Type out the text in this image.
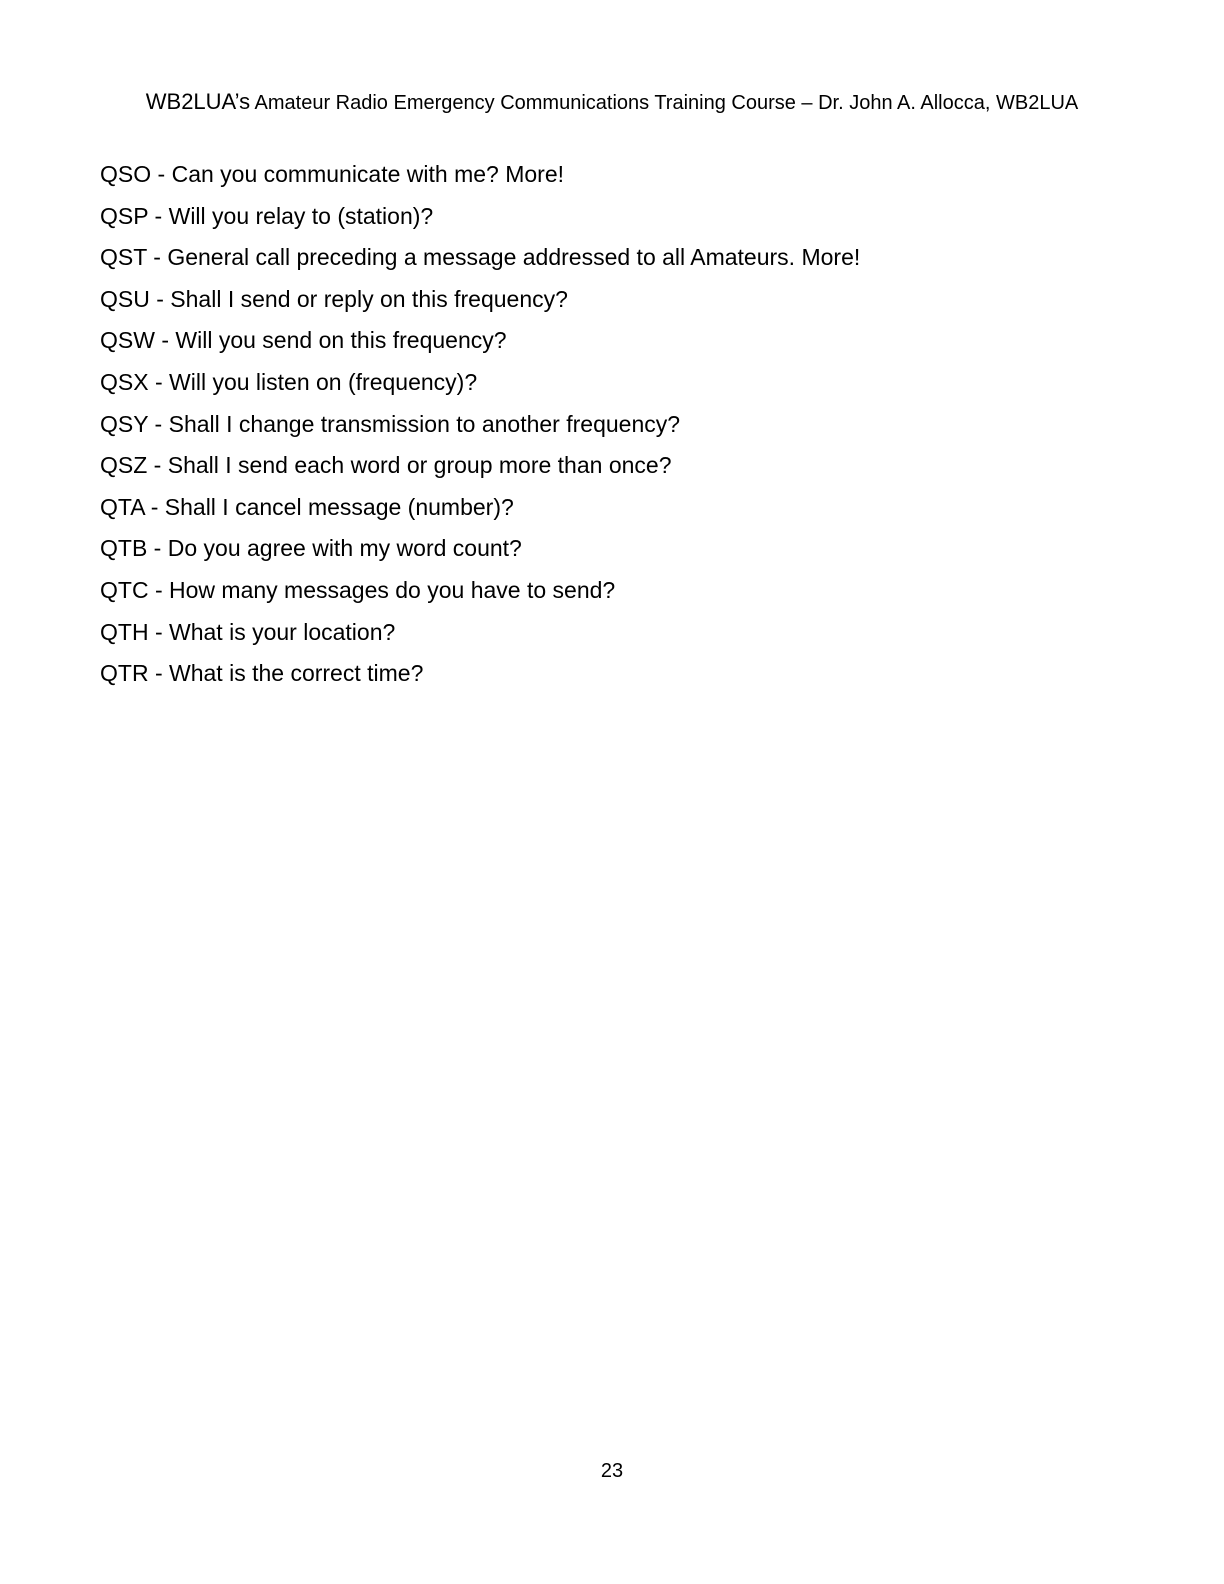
WB2LUA’s Amateur Radio Emergency Communications Training Course – Dr. John A. Allocca, WB2LUA
QSO - Can you communicate with me? More!
QSP - Will you relay to (station)?
QST - General call preceding a message addressed to all Amateurs. More!
QSU - Shall I send or reply on this frequency?
QSW - Will you send on this frequency?
QSX - Will you listen on (frequency)?
QSY - Shall I change transmission to another frequency?
QSZ - Shall I send each word or group more than once?
QTA - Shall I cancel message (number)?
QTB - Do you agree with my word count?
QTC - How many messages do you have to send?
QTH - What is your location?
QTR - What is the correct time?
23
